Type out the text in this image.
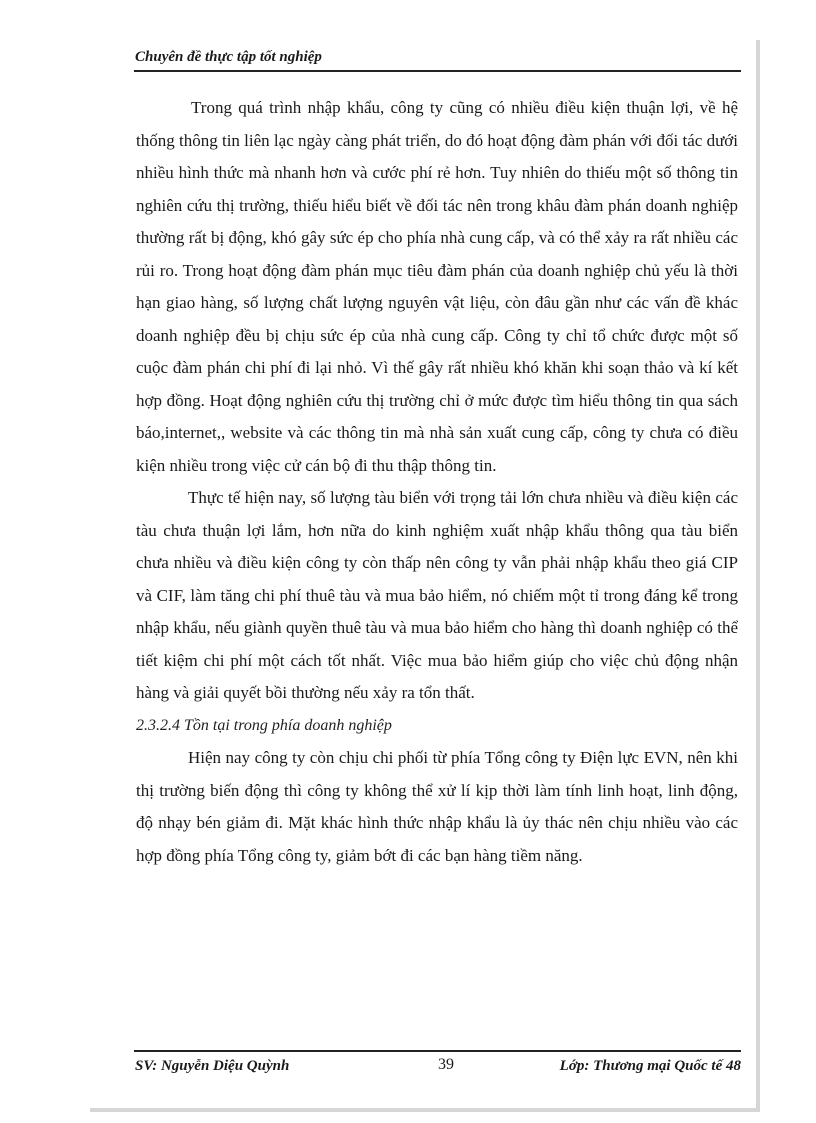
Chuyên đề thực tập tốt nghiệp

Trong quá trình nhập khẩu, công ty cũng có nhiều điều kiện thuận lợi, về hệ thống thông tin liên lạc ngày càng phát triển, do đó hoạt động đàm phán với đối tác dưới nhiều hình thức mà nhanh hơn và cước phí rẻ hơn. Tuy nhiên do thiếu một số thông tin nghiên cứu thị trường, thiếu hiểu biết về đối tác nên trong khâu đàm phán doanh nghiệp thường rất bị động, khó gây sức ép cho phía nhà cung cấp, và có thể xảy ra rất nhiều các rủi ro. Trong hoạt động đàm phán mục tiêu đàm phán của doanh nghiệp chủ yếu là thời hạn giao hàng, số lượng chất lượng nguyên vật liệu, còn đâu gần như các vấn đề khác doanh nghiệp đều bị chịu sức ép của nhà cung cấp. Công ty chỉ tổ chức được một số cuộc đàm phán chi phí đi lại nhỏ. Vì thế gây rất nhiều khó khăn khi soạn thảo và kí kết hợp đồng. Hoạt động nghiên cứu thị trường chỉ ở mức được tìm hiểu thông tin qua sách báo,internet,, website và các thông tin mà nhà sản xuất cung cấp, công ty chưa có điều kiện nhiều trong việc cử cán bộ đi thu thập thông tin.

Thực tế hiện nay, số lượng tàu biển với trọng tải lớn chưa nhiều và điều kiện các tàu chưa thuận lợi lắm, hơn nữa do kinh nghiệm xuất nhập khẩu thông qua tàu biển chưa nhiều và điều kiện công ty còn thấp nên công ty vẫn phải nhập khẩu theo giá CIP và CIF, làm tăng chi phí thuê tàu và mua bảo hiểm, nó chiếm một tỉ trong đáng kể trong nhập khẩu, nếu giành quyền thuê tàu và mua bảo hiểm cho hàng thì doanh nghiệp có thể tiết kiệm chi phí một cách tốt nhất. Việc mua bảo hiểm giúp cho việc chủ động nhận hàng và giải quyết bồi thường nếu xảy ra tổn thất.

2.3.2.4 Tồn tại trong phía doanh nghiệp

Hiện nay công ty còn chịu chi phối từ phía Tổng công ty Điện lực EVN, nên khi thị trường biến động thì công ty không thể xử lí kịp thời làm tính linh hoạt, linh động, độ nhạy bén giảm đi. Mặt khác hình thức nhập khẩu là ủy thác nên chịu nhiều vào các hợp đồng phía Tổng công ty, giảm bớt đi các bạn hàng tiềm năng.

SV: Nguyễn Diệu Quỳnh	39	Lớp: Thương mại Quốc tế 48
